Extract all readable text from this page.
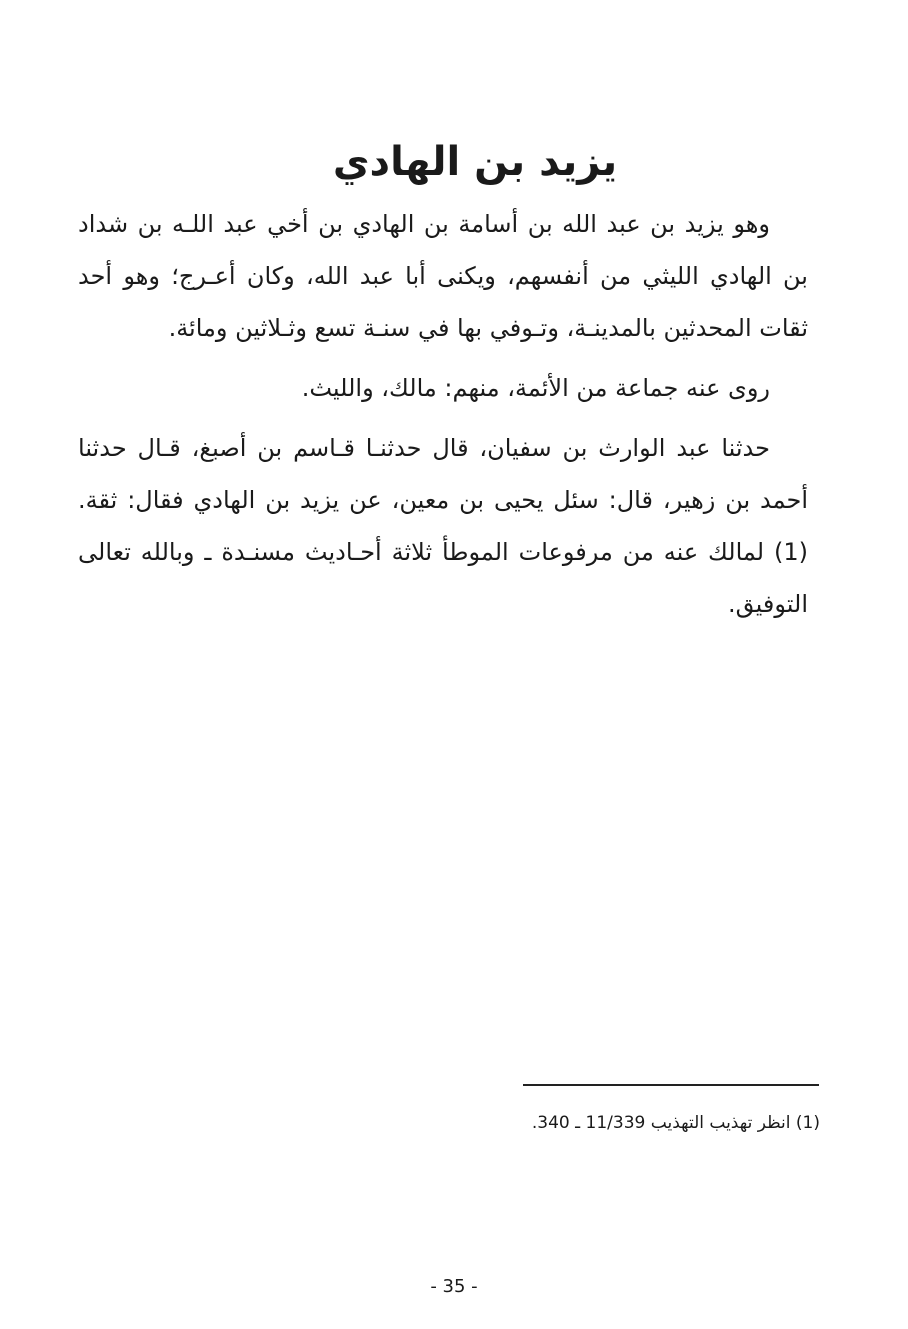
يزيد بن الهادي

وهو يزيد بن عبد الله بن أسامة بن الهادي بن أخي عبد اللـه بن شداد بن الهادي الليثي من أنفسهم، ويكنى أبا عبد الله، وكان أعـرج؛ وهو أحد ثقات المحدثين بالمدينـة، وتـوفي بها في سنـة تسع وثـلاثين ومائة.

روى عنه جماعة من الأئمة، منهم: مالك، والليث.

حدثنا عبد الوارث بن سفيان، قال حدثنـا قـاسم بن أصبغ، قـال حدثنا أحمد بن زهير، قال: سئل يحيى بن معين، عن يزيد بن الهادي فقال: ثقة.(1) لمالك عنه من مرفوعات الموطأ ثلاثة أحـاديث مسنـدة ـ وبالله تعالى التوفيق.

(1) انظر تهذيب التهذيب 11/339 ـ 340.
- 35 -
